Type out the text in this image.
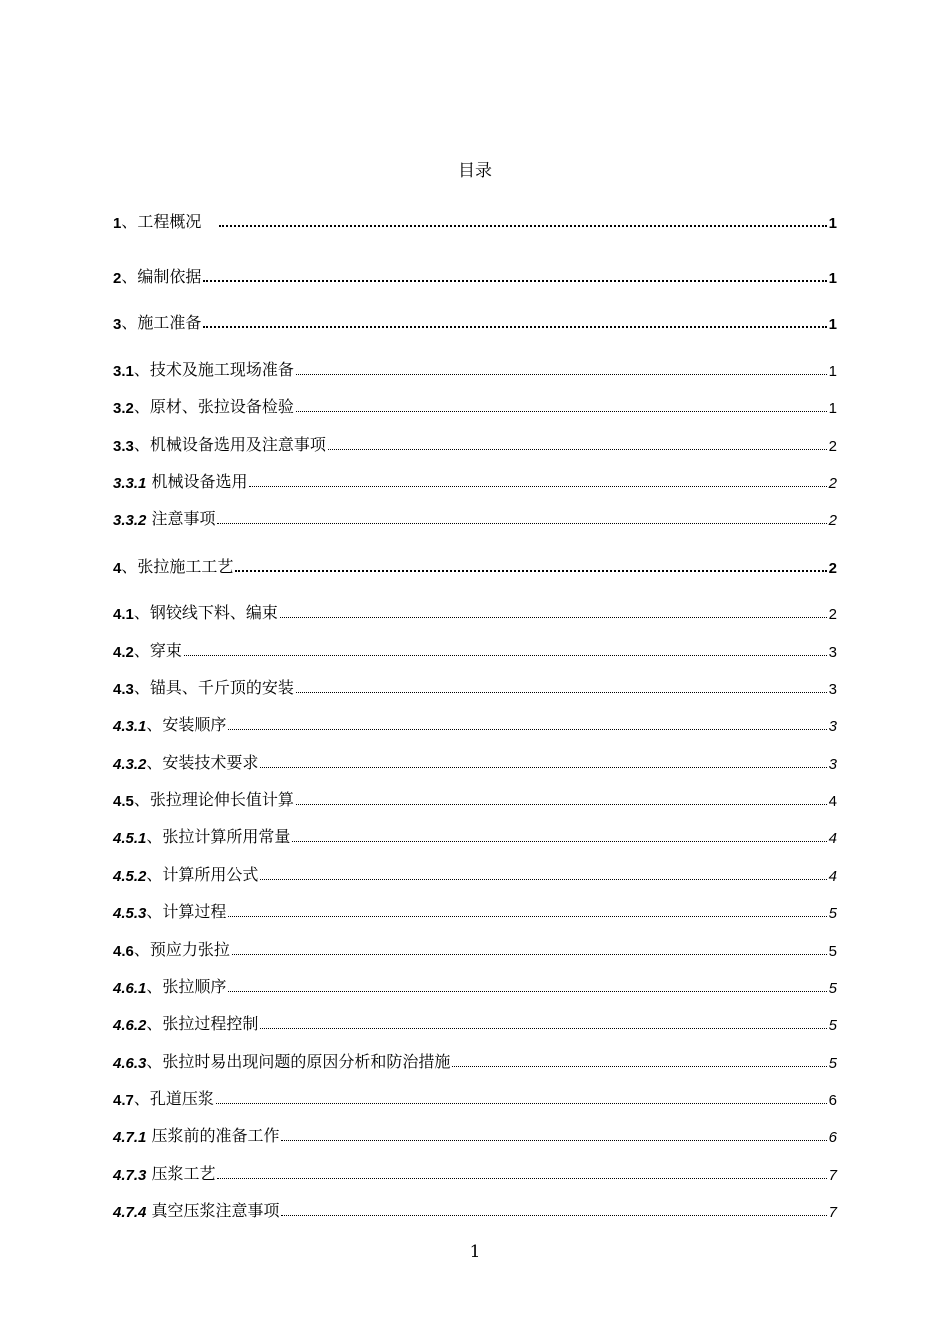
目录
1 、工程概况	1
2 、编制依据	1
3 、施工准备	1
3.1 、技术及施工现场准备	1
3.2 、原材、张拉设备检验	1
3.3 、机械设备选用及注意事项	2
3.3.1 机械设备选用	2
3.3.2 注意事项	2
4 、张拉施工工艺	2
4.1 、钢铰线下料、编束	2
4.2 、穿束	3
4.3 、锚具、千斤顶的安装	3
4.3.1 、安装顺序	3
4.3.2 、安装技术要求	3
4.5 、张拉理论伸长值计算	4
4.5.1 、张拉计算所用常量	4
4.5.2 、计算所用公式	4
4.5.3 、计算过程	5
4.6 、预应力张拉	5
4.6.1 、张拉顺序	5
4.6.2 、张拉过程控制	5
4.6.3 、张拉时易出现问题的原因分析和防治措施	5
4.7 、孔道压浆	6
4.7.1 压浆前的准备工作	6
4.7.3 压浆工艺	7
4.7.4 真空压浆注意事项	7
1
